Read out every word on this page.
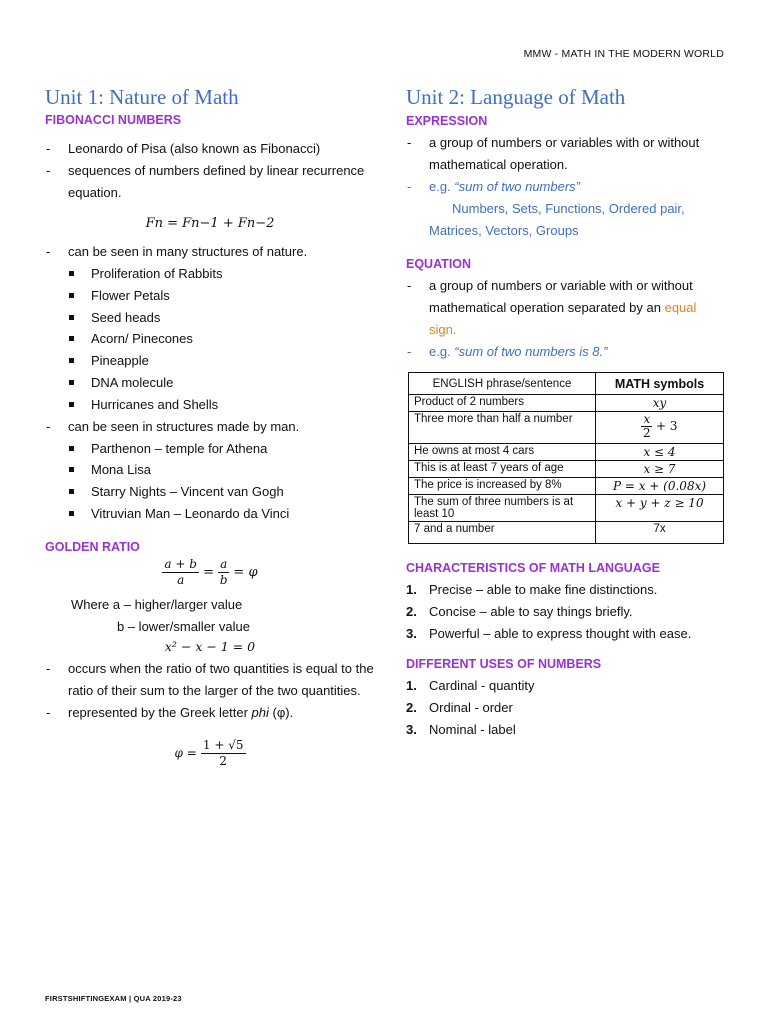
MMW - MATH IN THE MODERN WORLD
Unit 1: Nature of Math
FIBONACCI NUMBERS
- Leonardo of Pisa (also known as Fibonacci)
- sequences of numbers defined by linear recurrence equation.
Fn = Fn−1 + Fn−2
- can be seen in many structures of nature.
Proliferation of Rabbits
Flower Petals
Seed heads
Acorn/ Pinecones
Pineapple
DNA molecule
Hurricanes and Shells
- can be seen in structures made by man.
Parthenon – temple for Athena
Mona Lisa
Starry Nights – Vincent van Gogh
Vitruvian Man – Leonardo da Vinci
GOLDEN RATIO
$\frac{a + b}{a} = \frac{a}{b} = \varphi$
Where a – higher/larger value
b – lower/smaller value
x² − x − 1 = 0
- occurs when the ratio of two quantities is equal to the ratio of their sum to the larger of the two quantities.
- represented by the Greek letter phi (φ).
$\varphi = \frac{1 + √5}{2}$
Unit 2: Language of Math
EXPRESSION
- a group of numbers or variables with or without mathematical operation.
- e.g. “sum of two numbers”
Numbers, Sets, Functions, Ordered pair,
Matrices, Vectors, Groups
EQUATION
- a group of numbers or variable with or without mathematical operation separated by an equal sign.
- e.g. “sum of two numbers is 8.”
ENGLISH phrase/sentence	MATH symbols
Product of 2 numbers	xy
Three more than half a number	$\frac{x}{2} + 3$
He owns at most 4 cars	x ≤ 4
This is at least 7 years of age	x ≥ 7
The price is increased by 8%	P = x + (0.08x)
The sum of three numbers is at least 10	x + y + z ≥ 10
7 and a number	7x
CHARACTERISTICS OF MATH LANGUAGE
1. Precise – able to make fine distinctions.
2. Concise – able to say things briefly.
3. Powerful – able to express thought with ease.
DIFFERENT USES OF NUMBERS
1. Cardinal - quantity
2. Ordinal - order
3. Nominal - label
FIRSTSHIFTINGEXAM | QUA 2019-23
